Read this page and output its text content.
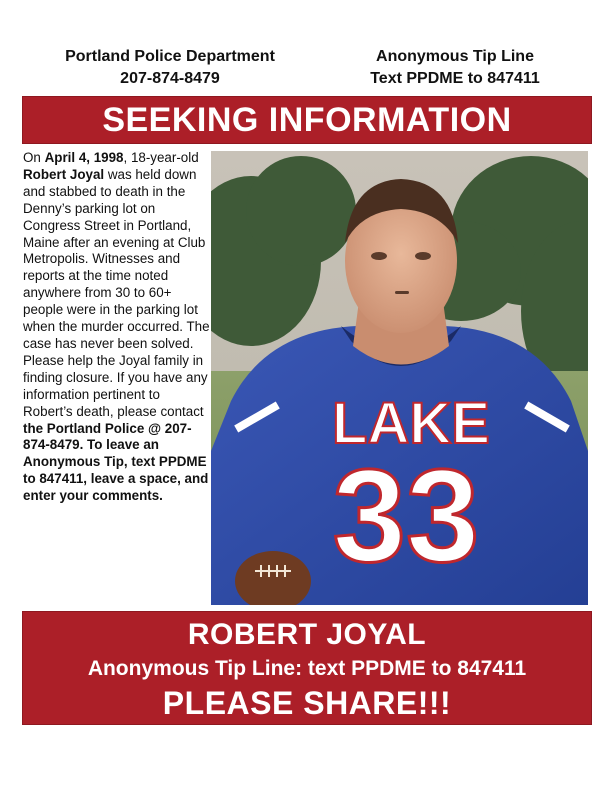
Portland Police Department
207-874-8479
Anonymous Tip Line
Text PPDME to 847411
SEEKING INFORMATION
On April 4, 1998, 18-year-old Robert Joyal was held down and stabbed to death in the Denny’s parking lot on Congress Street in Portland, Maine after an evening at Club Metropolis. Witnesses and reports at the time noted anywhere from 30 to 60+ people were in the parking lot when the murder occurred. The case has never been solved. Please help the Joyal family in finding closure. If you have any information pertinent to Robert’s death, please contact the Portland Police @ 207-874-8479. To leave an Anonymous Tip, text PPDME to 847411, leave a space, and enter your comments.
LAKE
33
ROBERT JOYAL
Anonymous Tip Line: text PPDME to 847411
PLEASE SHARE!!!
